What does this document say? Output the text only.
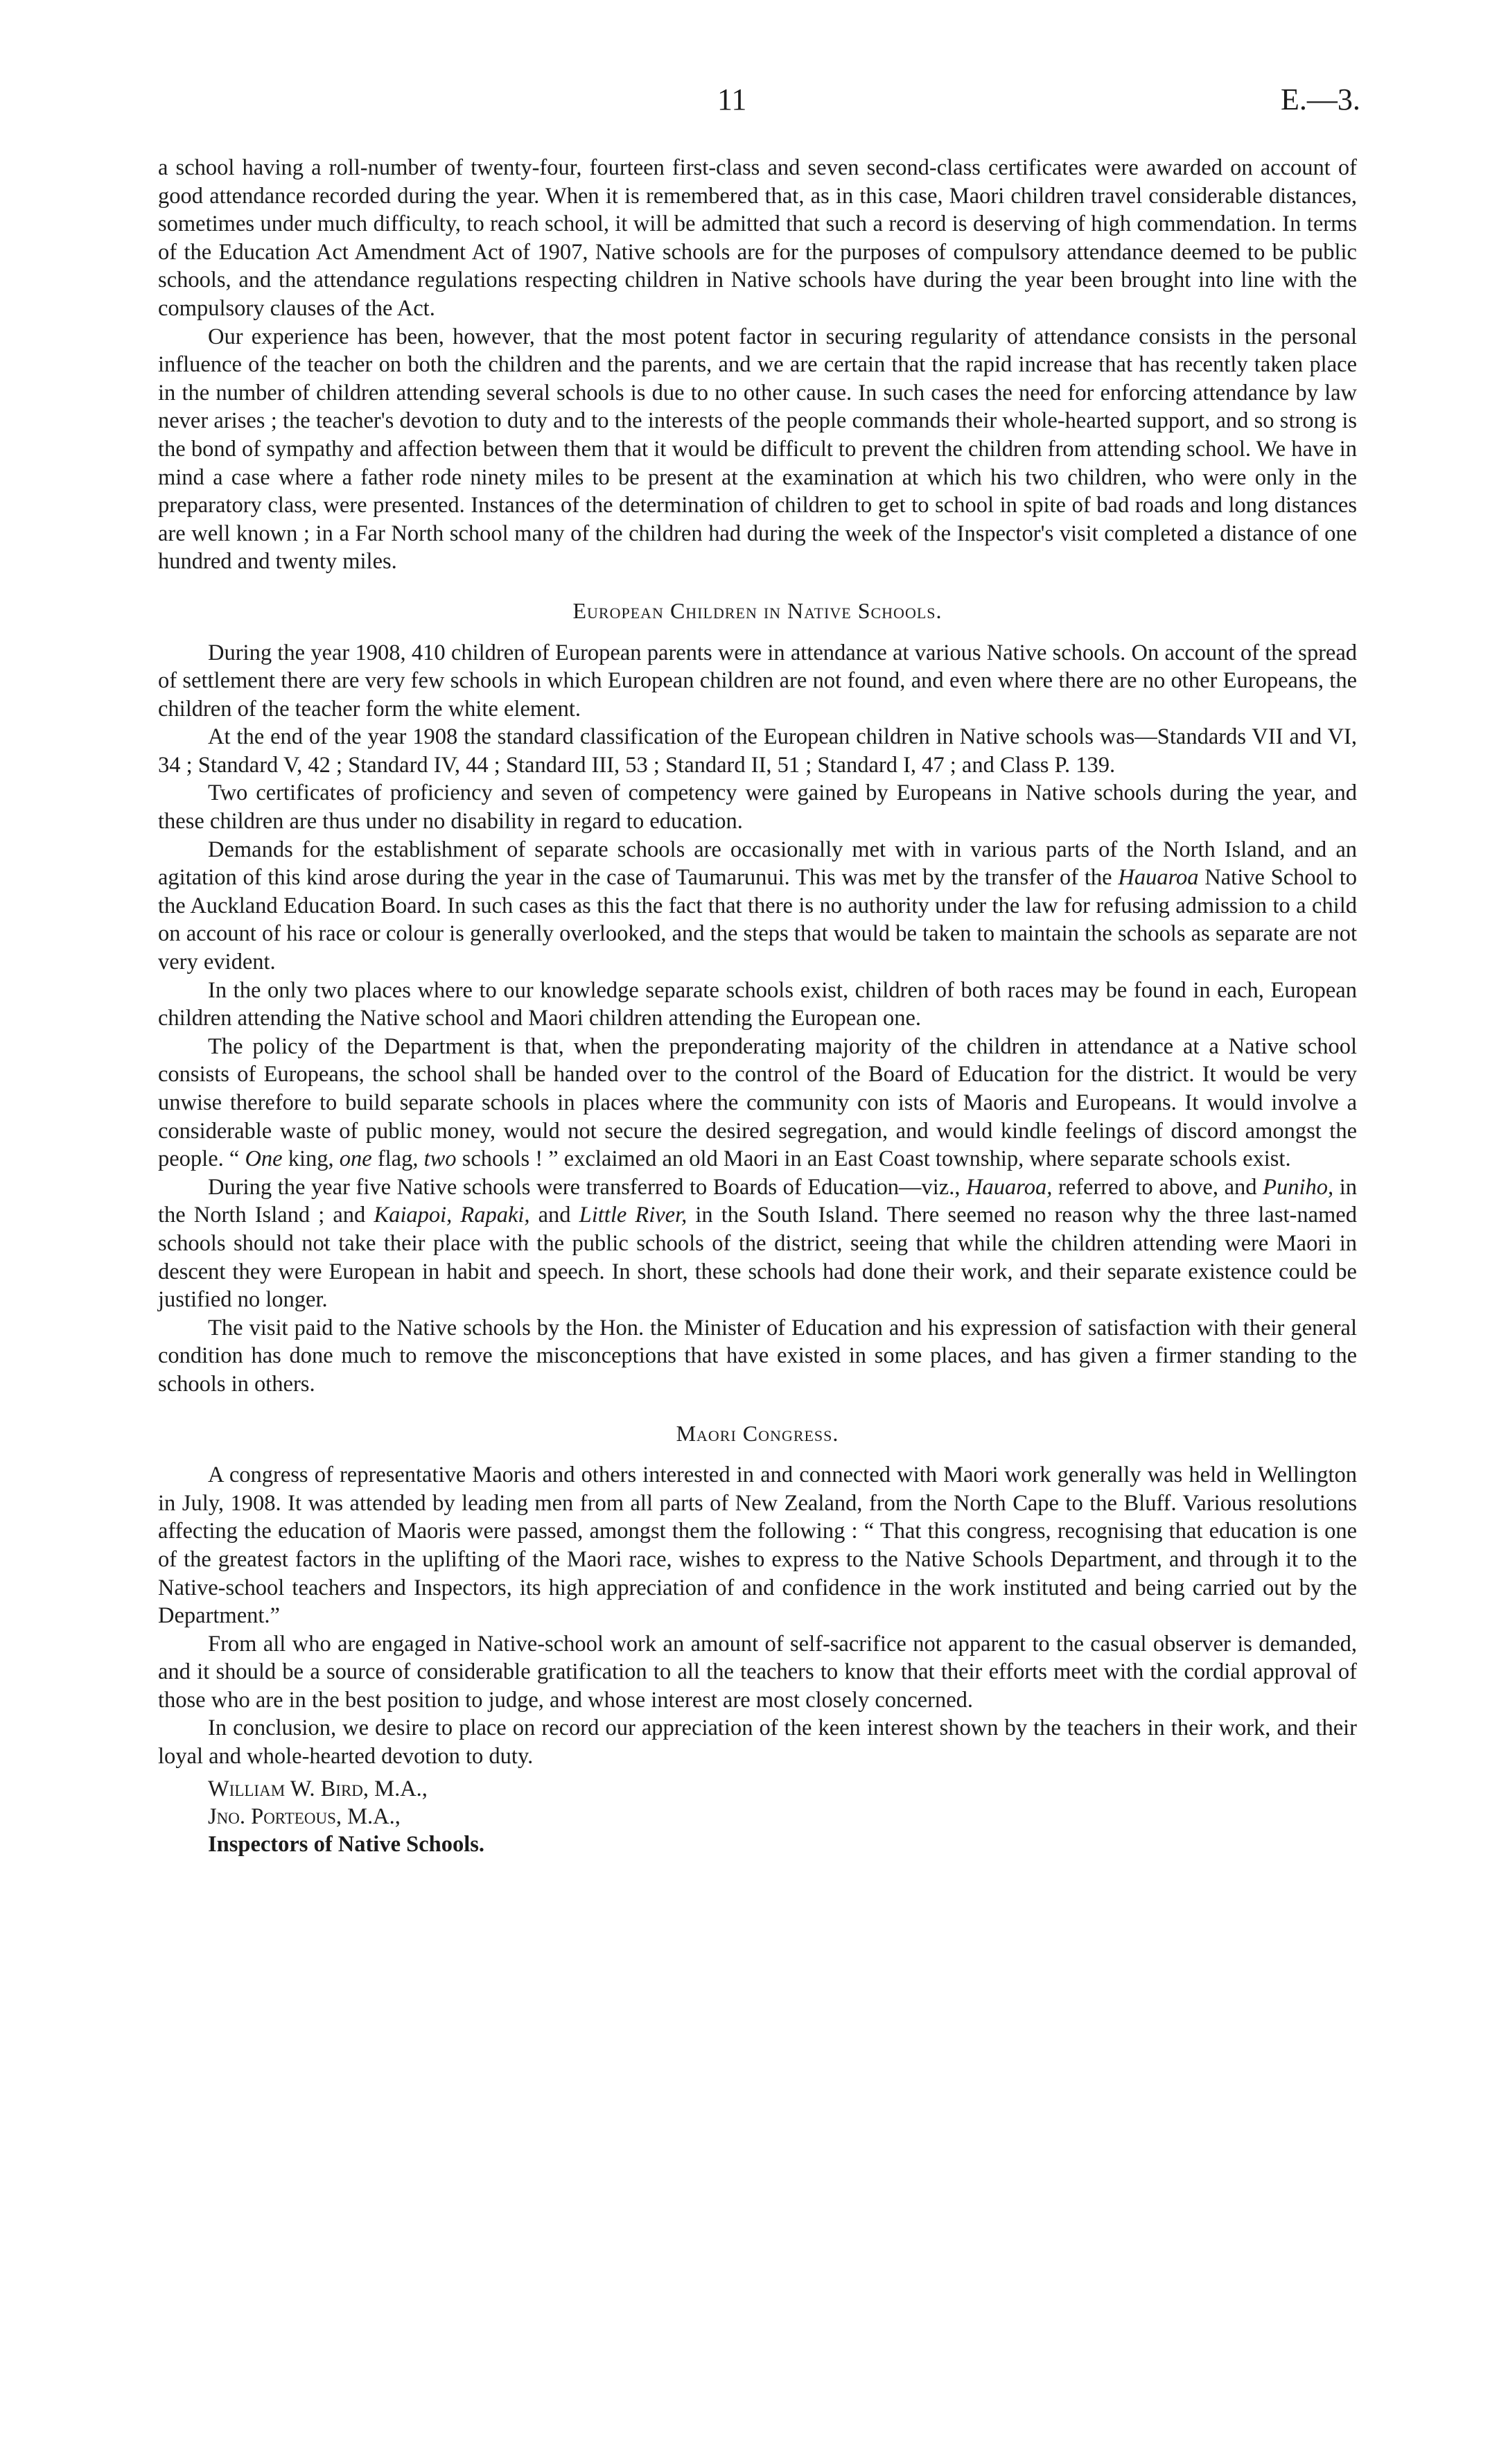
11	E.—3.

a school having a roll-number of twenty-four, fourteen first-class and seven second-class certificates were awarded on account of good attendance recorded during the year. When it is remembered that, as in this case, Maori children travel considerable distances, sometimes under much difficulty, to reach school, it will be admitted that such a record is deserving of high commendation. In terms of the Education Act Amendment Act of 1907, Native schools are for the purposes of compulsory attendance deemed to be public schools, and the attendance regulations respecting children in Native schools have during the year been brought into line with the compulsory clauses of the Act.

Our experience has been, however, that the most potent factor in securing regularity of attendance consists in the personal influence of the teacher on both the children and the parents, and we are certain that the rapid increase that has recently taken place in the number of children attending several schools is due to no other cause. In such cases the need for enforcing attendance by law never arises ; the teacher's devotion to duty and to the interests of the people commands their whole-hearted support, and so strong is the bond of sympathy and affection between them that it would be difficult to prevent the children from attending school. We have in mind a case where a father rode ninety miles to be present at the examination at which his two children, who were only in the preparatory class, were presented. Instances of the determination of children to get to school in spite of bad roads and long distances are well known ; in a Far North school many of the children had during the week of the Inspector's visit completed a distance of one hundred and twenty miles.

European Children in Native Schools.

During the year 1908, 410 children of European parents were in attendance at various Native schools. On account of the spread of settlement there are very few schools in which European children are not found, and even where there are no other Europeans, the children of the teacher form the white element.

At the end of the year 1908 the standard classification of the European children in Native schools was—Standards VII and VI, 34 ; Standard V, 42 ; Standard IV, 44 ; Standard III, 53 ; Standard II, 51 ; Standard I, 47 ; and Class P. 139.

Two certificates of proficiency and seven of competency were gained by Europeans in Native schools during the year, and these children are thus under no disability in regard to education.

Demands for the establishment of separate schools are occasionally met with in various parts of the North Island, and an agitation of this kind arose during the year in the case of Taumarunui. This was met by the transfer of the Hauaroa Native School to the Auckland Education Board. In such cases as this the fact that there is no authority under the law for refusing admission to a child on account of his race or colour is generally overlooked, and the steps that would be taken to maintain the schools as separate are not very evident.

In the only two places where to our knowledge separate schools exist, children of both races may be found in each, European children attending the Native school and Maori children attending the European one.

The policy of the Department is that, when the preponderating majority of the children in attendance at a Native school consists of Europeans, the school shall be handed over to the control of the Board of Education for the district. It would be very unwise therefore to build separate schools in places where the community con ists of Maoris and Europeans. It would involve a considerable waste of public money, would not secure the desired segregation, and would kindle feelings of discord amongst the people. “ One king, one flag, two schools ! ” exclaimed an old Maori in an East Coast township, where separate schools exist.

During the year five Native schools were transferred to Boards of Education—viz., Hauaroa, referred to above, and Puniho, in the North Island ; and Kaiapoi, Rapaki, and Little River, in the South Island. There seemed no reason why the three last-named schools should not take their place with the public schools of the district, seeing that while the children attending were Maori in descent they were European in habit and speech. In short, these schools had done their work, and their separate existence could be justified no longer.

The visit paid to the Native schools by the Hon. the Minister of Education and his expression of satisfaction with their general condition has done much to remove the misconceptions that have existed in some places, and has given a firmer standing to the schools in others.

Maori Congress.

A congress of representative Maoris and others interested in and connected with Maori work generally was held in Wellington in July, 1908. It was attended by leading men from all parts of New Zealand, from the North Cape to the Bluff. Various resolutions affecting the education of Maoris were passed, amongst them the following : “ That this congress, recognising that education is one of the greatest factors in the uplifting of the Maori race, wishes to express to the Native Schools Department, and through it to the Native-school teachers and Inspectors, its high appreciation of and confidence in the work instituted and being carried out by the Department.”

From all who are engaged in Native-school work an amount of self-sacrifice not apparent to the casual observer is demanded, and it should be a source of considerable gratification to all the teachers to know that their efforts meet with the cordial approval of those who are in the best position to judge, and whose interest are most closely concerned.

In conclusion, we desire to place on record our appreciation of the keen interest shown by the teachers in their work, and their loyal and whole-hearted devotion to duty.

William W. Bird, M.A.,

Jno. Porteous, M.A.,

Inspectors of Native Schools.
